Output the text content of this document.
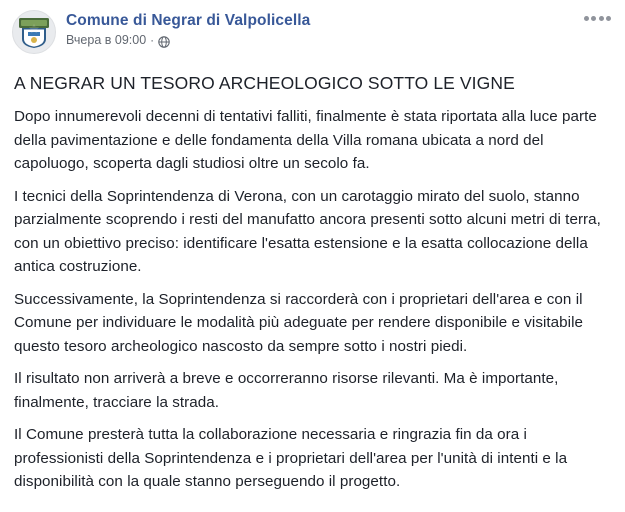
Comune di Negrar di Valpolicella
Вчера в 09:00 ·
A NEGRAR UN TESORO ARCHEOLOGICO SOTTO LE VIGNE

Dopo innumerevoli decenni di tentativi falliti, finalmente è stata riportata alla luce parte della pavimentazione e delle fondamenta della Villa romana ubicata a nord del capoluogo, scoperta dagli studiosi oltre un secolo fa.

I tecnici della Soprintendenza di Verona, con un carotaggio mirato del suolo, stanno parzialmente scoprendo i resti del manufatto ancora presenti sotto alcuni metri di terra, con un obiettivo preciso: identificare l'esatta estensione e la esatta collocazione della antica costruzione.

Successivamente, la Soprintendenza si raccorderà con i proprietari dell'area e con il Comune per individuare le modalità più adeguate per rendere disponibile e visitabile questo tesoro archeologico nascosto da sempre sotto i nostri piedi.

Il risultato non arriverà a breve e occorreranno risorse rilevanti. Ma è importante, finalmente, tracciare la strada.

Il Comune presterà tutta la collaborazione necessaria e ringrazia fin da ora i professionisti della Soprintendenza e i proprietari dell'area per l'unità di intenti e la disponibilità con la quale stanno perseguendo il progetto.
